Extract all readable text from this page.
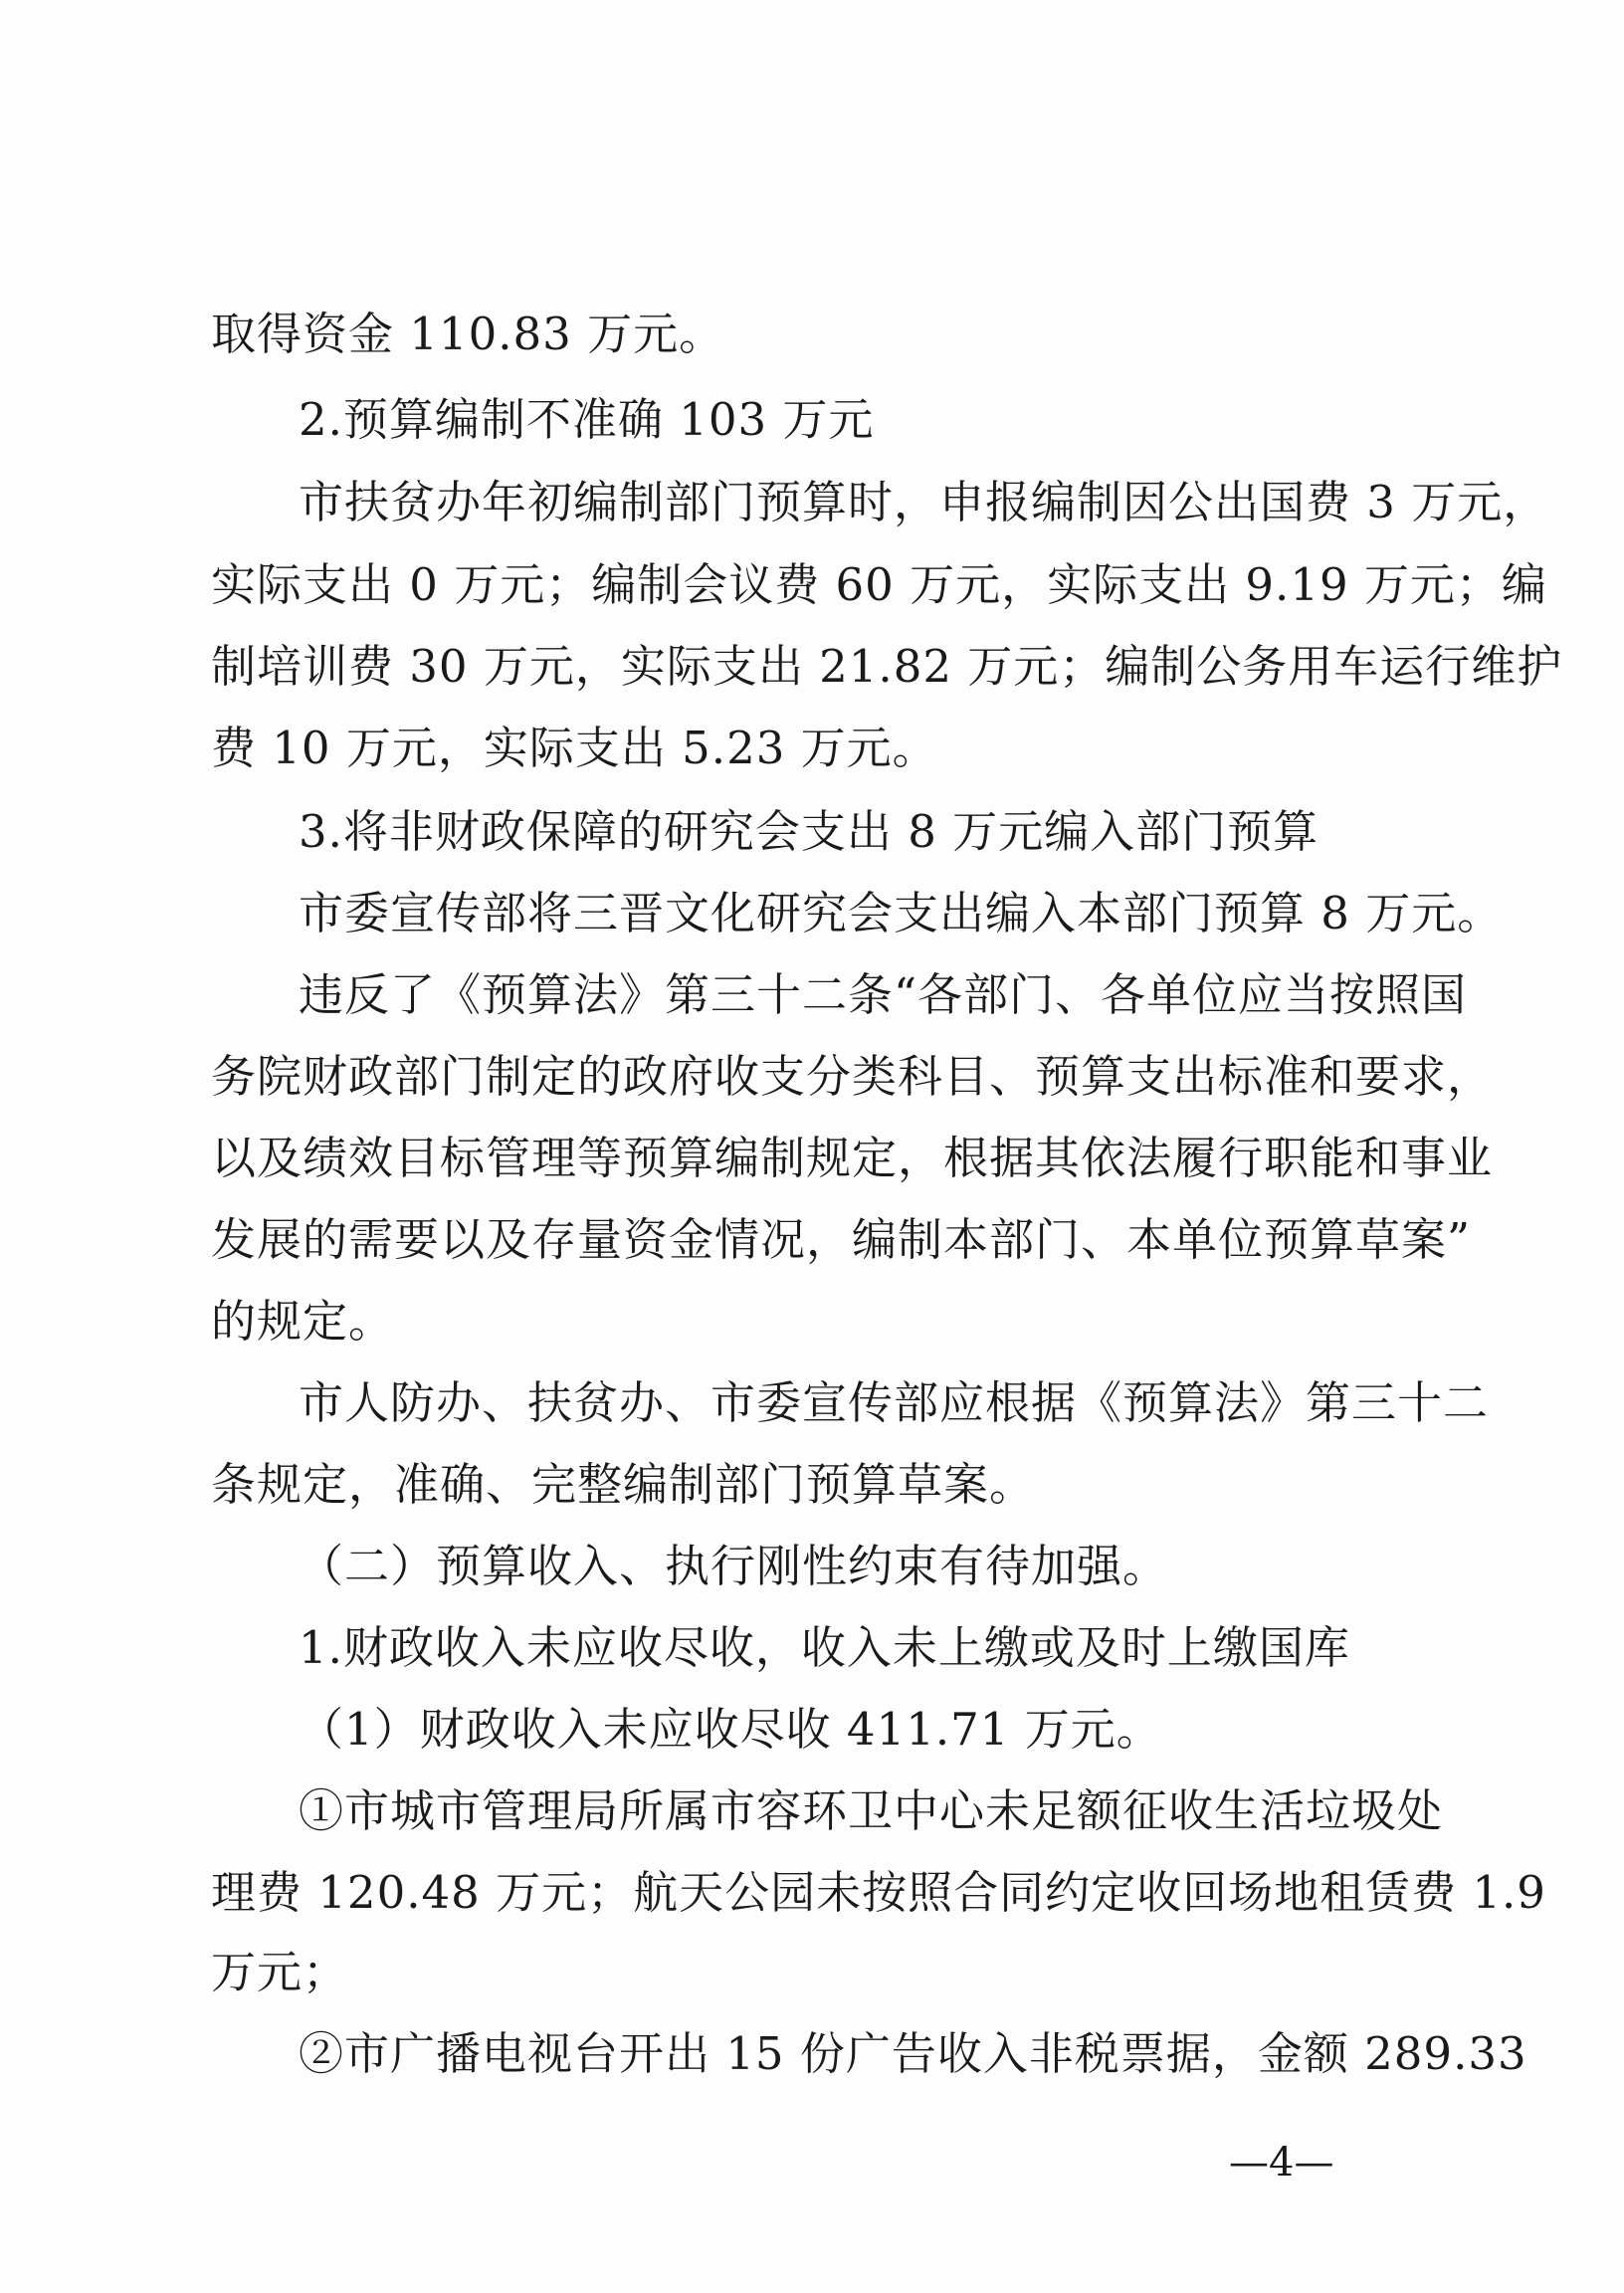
取得资金 110.83 万元。
2.预算编制不准确 103 万元
市扶贫办年初编制部门预算时，申报编制因公出国费 3 万元，
实际支出 0 万元；编制会议费 60 万元，实际支出 9.19 万元；编
制培训费 30 万元，实际支出 21.82 万元；编制公务用车运行维护
费 10 万元，实际支出 5.23 万元。
3.将非财政保障的研究会支出 8 万元编入部门预算
市委宣传部将三晋文化研究会支出编入本部门预算 8 万元。
违反了《预算法》第三十二条“各部门、各单位应当按照国
务院财政部门制定的政府收支分类科目、预算支出标准和要求，
以及绩效目标管理等预算编制规定，根据其依法履行职能和事业
发展的需要以及存量资金情况，编制本部门、本单位预算草案”
的规定。
市人防办、扶贫办、市委宣传部应根据《预算法》第三十二
条规定，准确、完整编制部门预算草案。
（二）预算收入、执行刚性约束有待加强。
1.财政收入未应收尽收，收入未上缴或及时上缴国库
（1）财政收入未应收尽收 411.71 万元。
①市城市管理局所属市容环卫中心未足额征收生活垃圾处
理费 120.48 万元；航天公园未按照合同约定收回场地租赁费 1.9
万元；
②市广播电视台开出 15 份广告收入非税票据，金额 289.33
—4—
